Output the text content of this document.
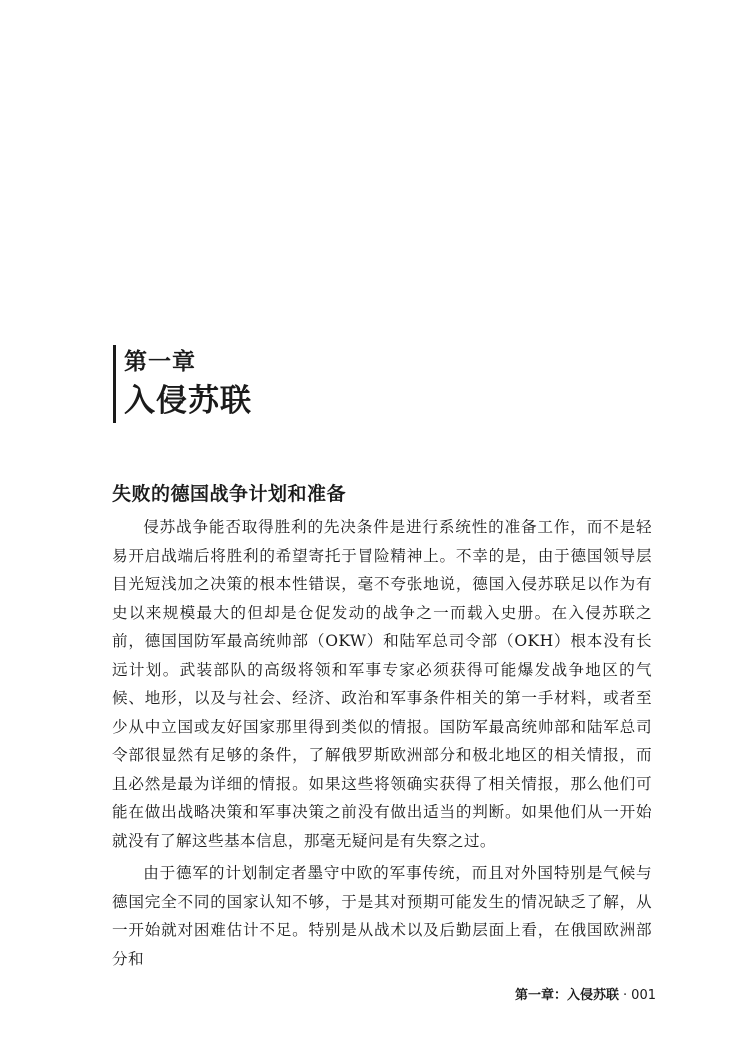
第一章
入侵苏联
失败的德国战争计划和准备

侵苏战争能否取得胜利的先决条件是进行系统性的准备工作，而不是轻易开启战端后将胜利的希望寄托于冒险精神上。不幸的是，由于德国领导层目光短浅加之决策的根本性错误，毫不夸张地说，德国入侵苏联足以作为有史以来规模最大的但却是仓促发动的战争之一而载入史册。在入侵苏联之前，德国国防军最高统帅部（OKW）和陆军总司令部（OKH）根本没有长远计划。武装部队的高级将领和军事专家必须获得可能爆发战争地区的气候、地形，以及与社会、经济、政治和军事条件相关的第一手材料，或者至少从中立国或友好国家那里得到类似的情报。国防军最高统帅部和陆军总司令部很显然有足够的条件，了解俄罗斯欧洲部分和极北地区的相关情报，而且必然是最为详细的情报。如果这些将领确实获得了相关情报，那么他们可能在做出战略决策和军事决策之前没有做出适当的判断。如果他们从一开始就没有了解这些基本信息，那毫无疑问是有失察之过。

由于德军的计划制定者墨守中欧的军事传统，而且对外国特别是气候与德国完全不同的国家认知不够，于是其对预期可能发生的情况缺乏了解，从一开始就对困难估计不足。特别是从战术以及后勤层面上看，在俄国欧洲部分和

第一章：入侵苏联 · 001
